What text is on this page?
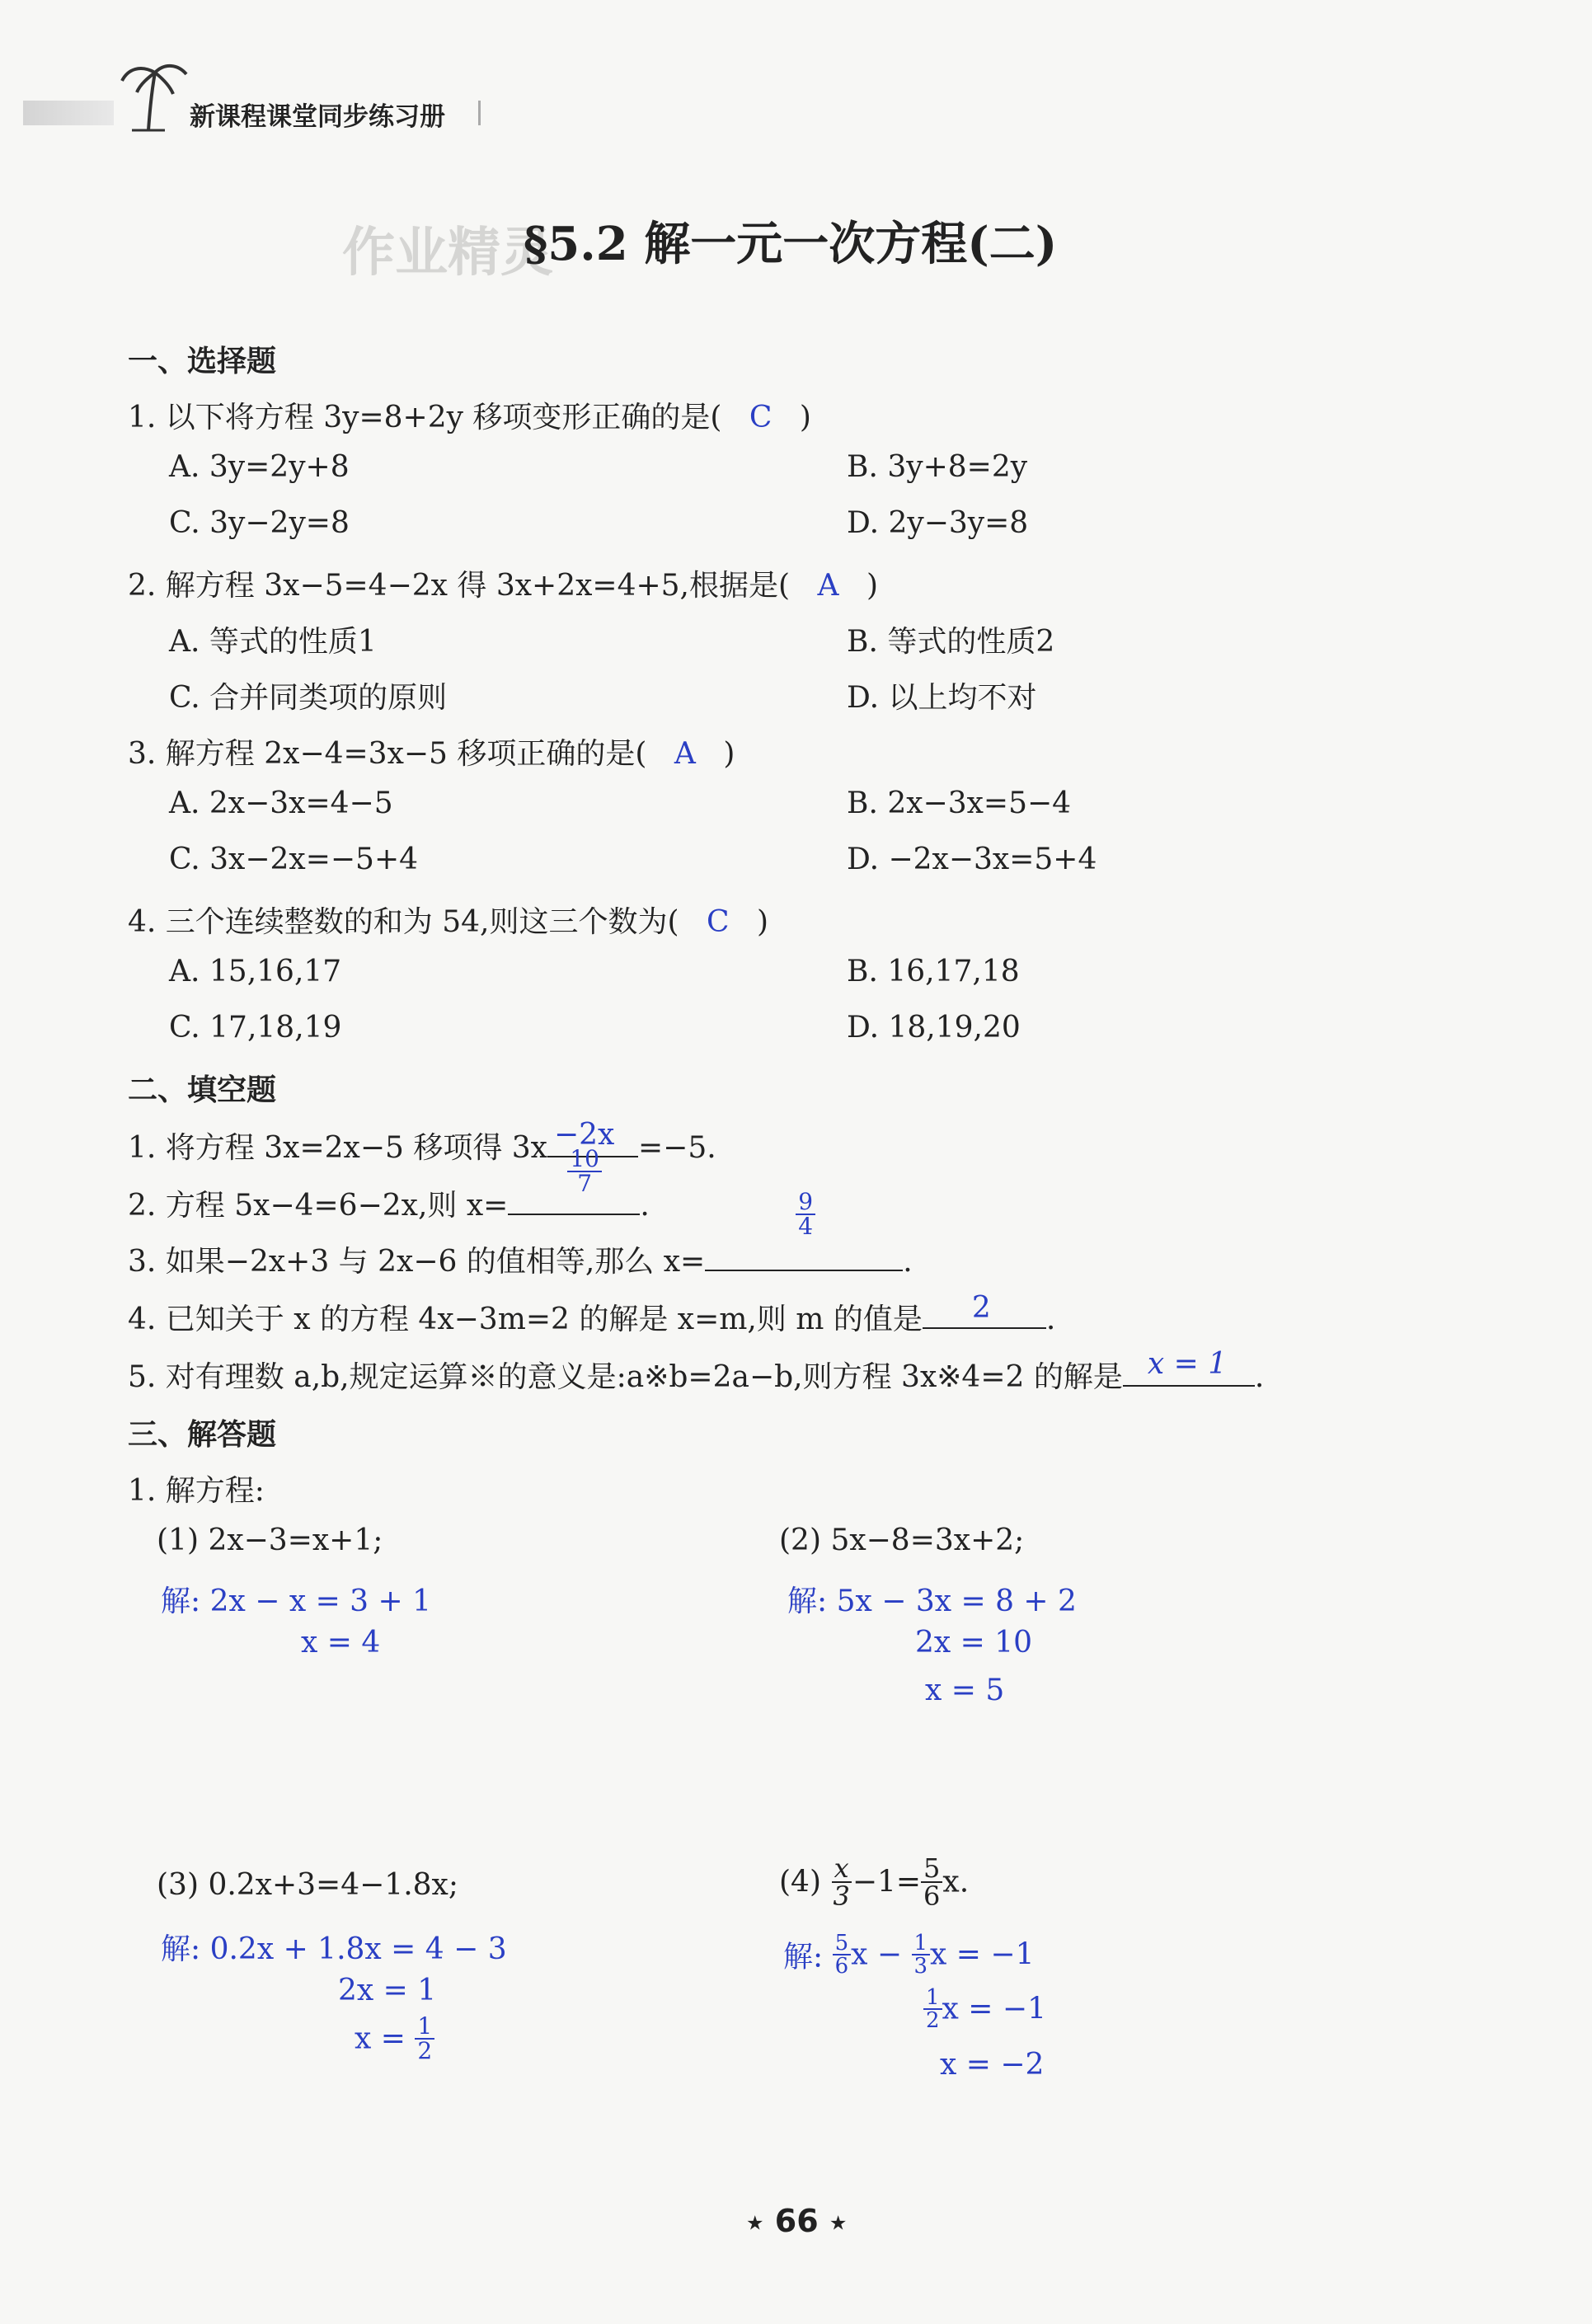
新课程课堂同步练习册
作业精灵
§5.2 解一元一次方程(二)
一、选择题
1. 以下将方程 3y=8+2y 移项变形正确的是( C )
A. 3y=2y+8	B. 3y+8=2y
C. 3y−2y=8	D. 2y−3y=8
2. 解方程 3x−5=4−2x 得 3x+2x=4+5,根据是( A )
A. 等式的性质1	B. 等式的性质2
C. 合并同类项的原则	D. 以上均不对
3. 解方程 2x−4=3x−5 移项正确的是( A )
A. 2x−3x=4−5	B. 2x−3x=5−4
C. 3x−2x=−5+4	D. −2x−3x=5+4
4. 三个连续整数的和为 54,则这三个数为( C )
A. 15,16,17	B. 16,17,18
C. 17,18,19	D. 18,19,20
二、填空题
1. 将方程 3x=2x−5 移项得 3x −2x =−5.
2. 方程 5x−4=6−2x,则 x=
$\frac{10}{7}$
.
3. 如果−2x+3 与 2x−6 的值相等,那么 x=
$\frac{9}{4}$
.
4. 已知关于 x 的方程 4x−3m=2 的解是 x=m,则 m 的值是 2 .
5. 对有理数 a,b,规定运算※的意义是:a※b=2a−b,则方程 3x※4=2 的解是 x = 1 .
三、解答题
1. 解方程:
(1) 2x−3=x+1;
解: 2x − x = 3 + 1
x = 4
(2) 5x−8=3x+2;
解: 5x − 3x = 8 + 2
2x = 10
x = 5
(3) 0.2x+3=4−1.8x;
解: 0.2x + 1.8x = 4 − 3
2x = 1
$x = \frac{1}{2}$
$(4) \frac{x}{3} -1= \frac{5}{6} x$.
解: $\frac{5}{6}$ $x - \frac{1}{3}$ x = −1
$\frac{1}{2}$ x = −1
x = −2
★ 66 ★
